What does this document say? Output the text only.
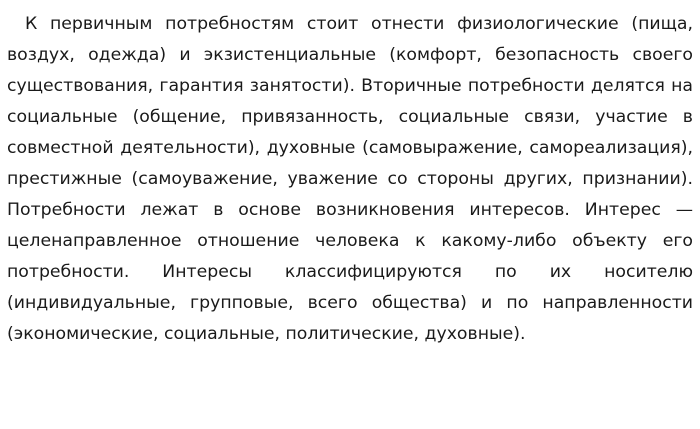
К первичным потребностям стоит отнести физиологические (пища, воздух, одежда) и экзистенциальные (комфорт, безопасность своего существования, гарантия занятости). Вторичные потребности делятся на социальные (общение, привязанность, социальные связи, участие в совместной деятельности), духовные (самовыражение, самореализация), престижные (самоуважение, уважение со стороны других, признании). Потребности лежат в основе возникновения интересов. Интерес — целенаправленное отношение человека к какому-либо объекту его потребности. Интересы классифицируются по их носителю (индивидуальные, групповые, всего общества) и по направленности (экономические, социальные, политические, духовные).
